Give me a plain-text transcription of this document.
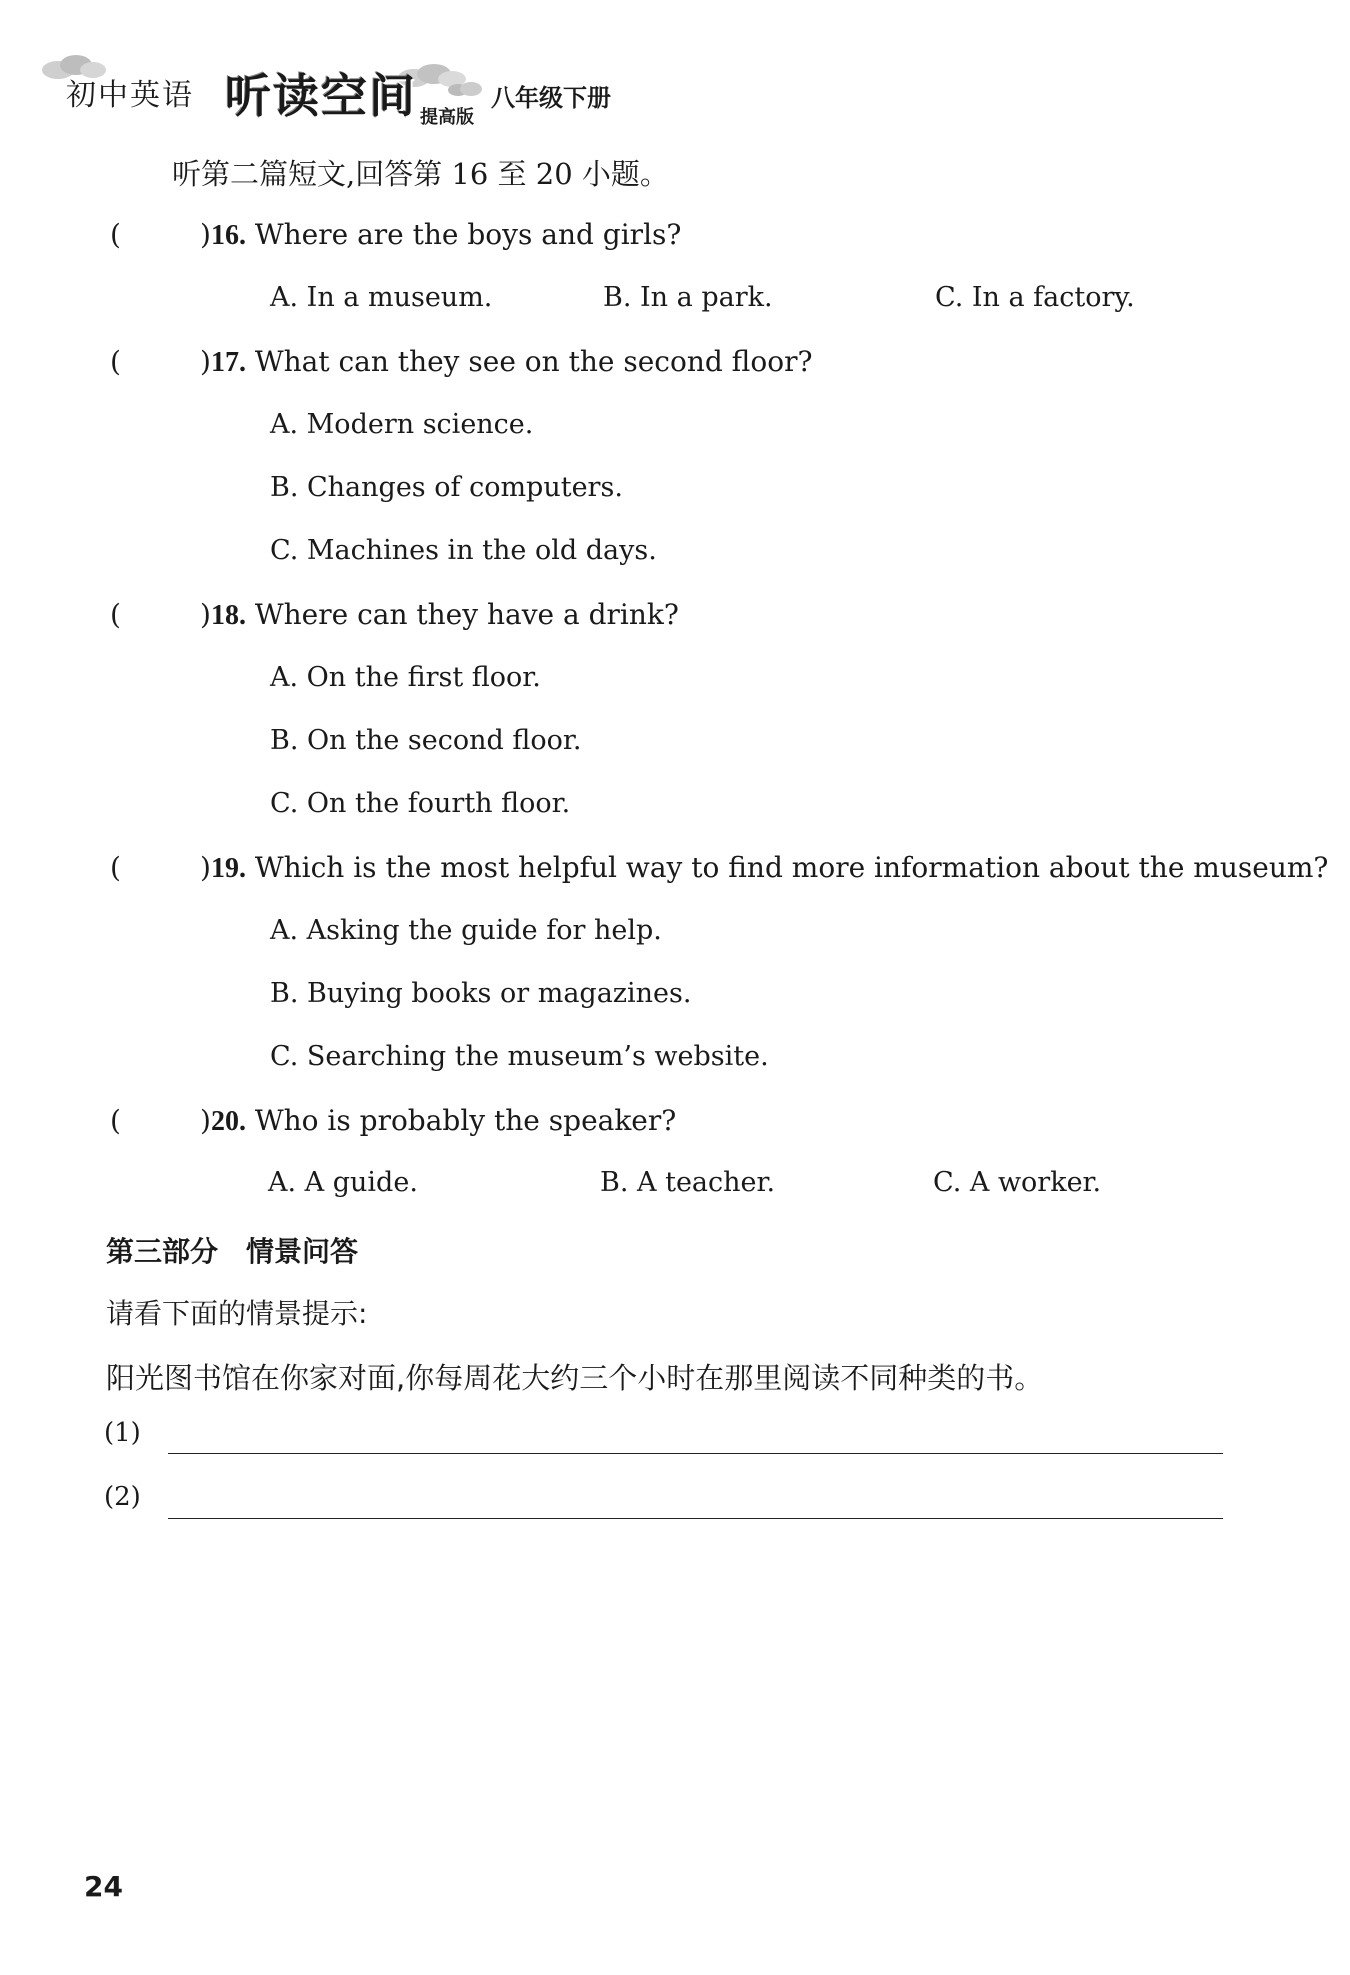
初中英语 听读空间 提高版
八年级下册
听第二篇短文,回答第 16 至 20 小题。
(	)16. Where are the boys and girls?
A. In a museum.	B. In a park.	C. In a factory.
(	)17. What can they see on the second floor?
A. Modern science.
B. Changes of computers.
C. Machines in the old days.
(	)18. Where can they have a drink?
A. On the first floor.
B. On the second floor.
C. On the fourth floor.
(	)19. Which is the most helpful way to find more information about the museum?
A. Asking the guide for help.
B. Buying books or magazines.
C. Searching the museum’s website.
(	)20. Who is probably the speaker?
A. A guide.	B. A teacher.	C. A worker.
第三部分　情景问答
请看下面的情景提示:
阳光图书馆在你家对面,你每周花大约三个小时在那里阅读不同种类的书。
(1)
(2)
24
